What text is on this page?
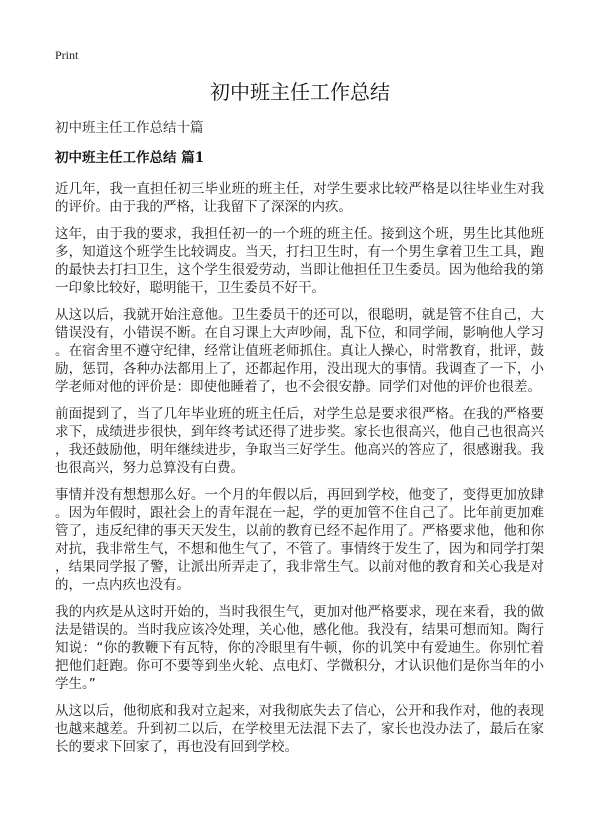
Print
初中班主任工作总结
初中班主任工作总结十篇
初中班主任工作总结 篇1
近几年，我一直担任初三毕业班的班主任，对学生要求比较严格是以往毕业生对我
的评价。由于我的严格，让我留下了深深的内疚。
这年，由于我的要求，我担任初一的一个班的班主任。接到这个班，男生比其他班
多，知道这个班学生比较调皮。当天，打扫卫生时，有一个男生拿着卫生工具，跑
的最快去打扫卫生，这个学生很爱劳动，当即让他担任卫生委员。因为他给我的第
一印象比较好，聪明能干，卫生委员不好干。
从这以后，我就开始注意他。卫生委员干的还可以，很聪明，就是管不住自己，大
错误没有，小错误不断。在自习课上大声吵闹，乱下位，和同学闹，影响他人学习
。在宿舍里不遵守纪律，经常让值班老师抓住。真让人操心，时常教育，批评，鼓
励，惩罚，各种办法都用上了，还都起作用，没出现大的事情。我调查了一下，小
学老师对他的评价是：即使他睡着了，也不会很安静。同学们对他的评价也很差。
前面提到了，当了几年毕业班的班主任后，对学生总是要求很严格。在我的严格要
求下，成绩进步很快，到年终考试还得了进步奖。家长也很高兴，他自己也很高兴
，我还鼓励他，明年继续进步，争取当三好学生。他高兴的答应了，很感谢我。我
也很高兴，努力总算没有白费。
事情并没有想想那么好。一个月的年假以后，再回到学校，他变了，变得更加放肆
。因为年假时，跟社会上的青年混在一起，学的更加管不住自己了。比年前更加难
管了，违反纪律的事天天发生，以前的教育已经不起作用了。严格要求他，他和你
对抗，我非常生气，不想和他生气了，不管了。事情终于发生了，因为和同学打架
，结果同学报了警，让派出所弄走了，我非常生气。以前对他的教育和关心我是对
的，一点内疚也没有。
我的内疚是从这时开始的，当时我很生气，更加对他严格要求，现在来看，我的做
法是错误的。当时我应该冷处理，关心他，感化他。我没有，结果可想而知。陶行
知说：“你的教鞭下有瓦特，你的冷眼里有牛顿，你的讥笑中有爱迪生。你别忙着
把他们赶跑。你可不要等到坐火轮、点电灯、学微积分，才认识他们是你当年的小
学生。”
从这以后，他彻底和我对立起来，对我彻底失去了信心，公开和我作对，他的表现
也越来越差。升到初二以后，在学校里无法混下去了，家长也没办法了，最后在家
长的要求下回家了，再也没有回到学校。
